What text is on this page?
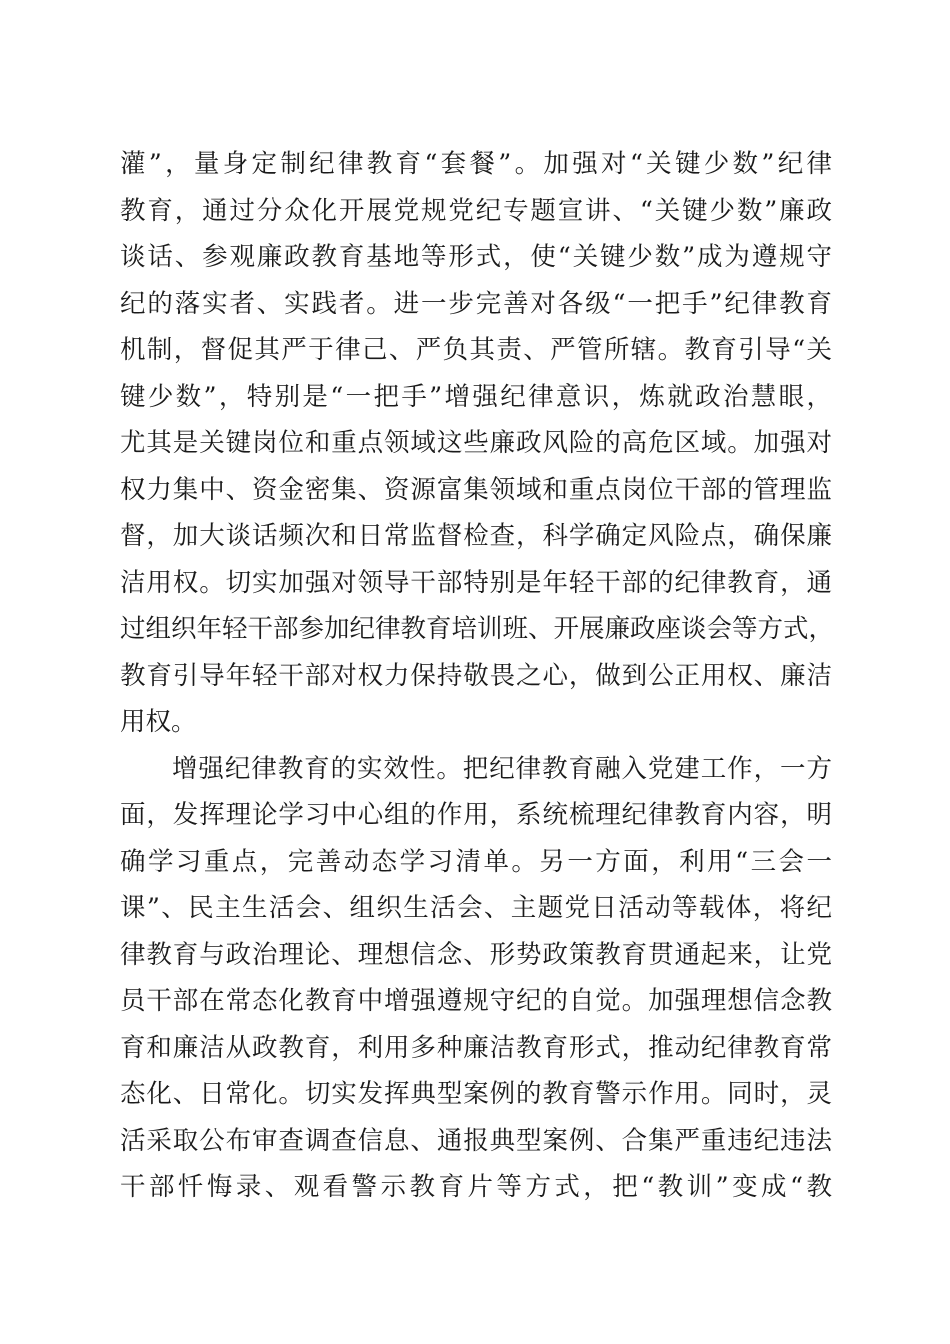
灌”，量身定制纪律教育“套餐”。加强对“关键少数”纪律
教育，通过分众化开展党规党纪专题宣讲、“关键少数”廉政
谈话、参观廉政教育基地等形式，使“关键少数”成为遵规守
纪的落实者、实践者。进一步完善对各级“一把手”纪律教育
机制，督促其严于律己、严负其责、严管所辖。教育引导“关
键少数”，特别是“一把手”增强纪律意识，炼就政治慧眼，
尤其是关键岗位和重点领域这些廉政风险的高危区域。加强对
权力集中、资金密集、资源富集领域和重点岗位干部的管理监
督，加大谈话频次和日常监督检查，科学确定风险点，确保廉
洁用权。切实加强对领导干部特别是年轻干部的纪律教育，通
过组织年轻干部参加纪律教育培训班、开展廉政座谈会等方式，
教育引导年轻干部对权力保持敬畏之心，做到公正用权、廉洁
用权。
增强纪律教育的实效性。把纪律教育融入党建工作，一方
面，发挥理论学习中心组的作用，系统梳理纪律教育内容，明
确学习重点，完善动态学习清单。另一方面，利用“三会一
课”、民主生活会、组织生活会、主题党日活动等载体，将纪
律教育与政治理论、理想信念、形势政策教育贯通起来，让党
员干部在常态化教育中增强遵规守纪的自觉。加强理想信念教
育和廉洁从政教育，利用多种廉洁教育形式，推动纪律教育常
态化、日常化。切实发挥典型案例的教育警示作用。同时，灵
活采取公布审查调查信息、通报典型案例、合集严重违纪违法
干部忏悔录、观看警示教育片等方式，把“教训”变成“教
